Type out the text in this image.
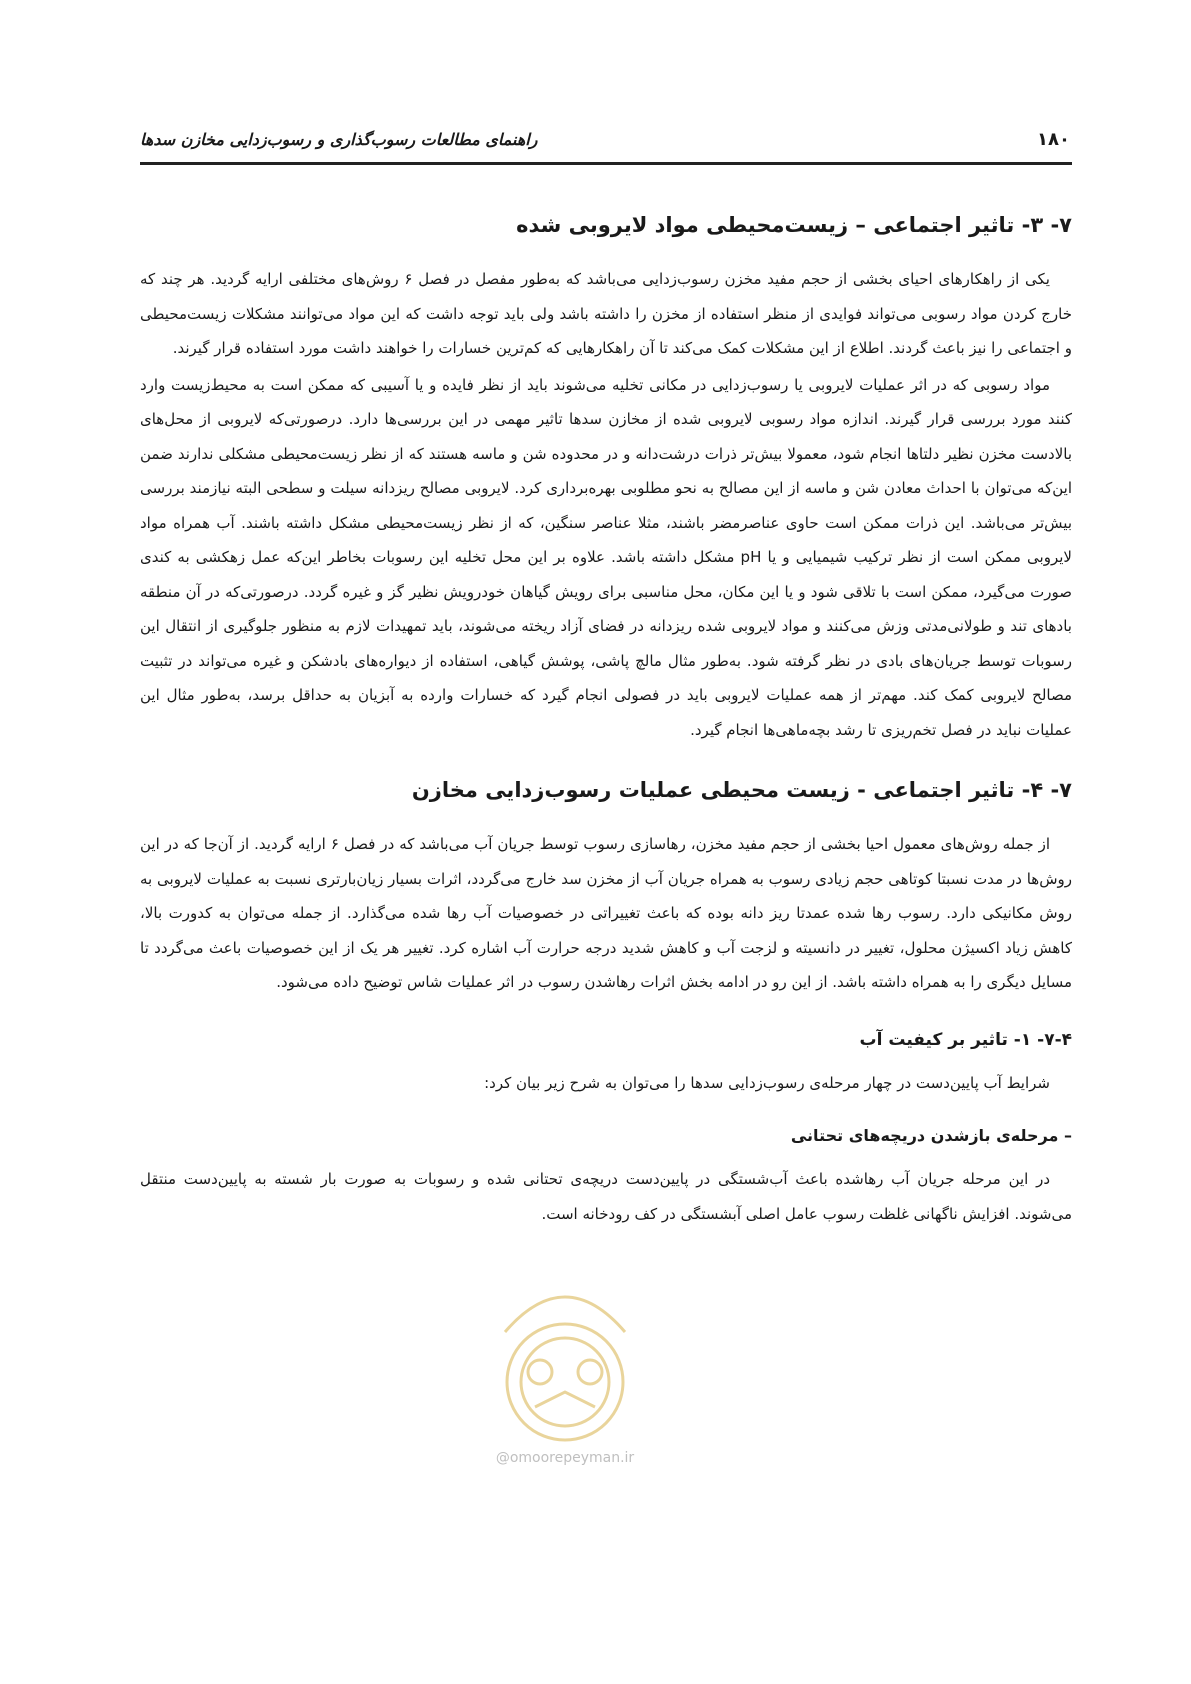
راهنمای مطالعات رسوب‌گذاری و رسوب‌زدایی مخازن سدها	۱۸۰
۷- ۳- تاثیر اجتماعی – زیست‌محیطی مواد لایروبی شده

یکی از راهکارهای احیای بخشی از حجم مفید مخزن رسوب‌زدایی می‌باشد که به‌طور مفصل در فصل ۶ روش‌های مختلفی ارایه گردید. هر چند که خارج کردن مواد رسوبی می‌تواند فوایدی از منظر استفاده از مخزن را داشته باشد ولی باید توجه داشت که این مواد می‌توانند مشکلات زیست‌محیطی و اجتماعی را نیز باعث گردند. اطلاع از این مشکلات کمک می‌کند تا آن راهکارهایی که کم‌ترین خسارات را خواهند داشت مورد استفاده قرار گیرند.

مواد رسوبی که در اثر عملیات لایروبی یا رسوب‌زدایی در مکانی تخلیه می‌شوند باید از نظر فایده و یا آسیبی که ممکن است به محیط‌زیست وارد کنند مورد بررسی قرار گیرند. اندازه مواد رسوبی لایروبی شده از مخازن سدها تاثیر مهمی در این بررسی‌ها دارد. درصورتی‌که لایروبی از محل‌های بالادست مخزن نظیر دلتاها انجام شود، معمولا بیش‌تر ذرات درشت‌دانه و در محدوده شن و ماسه هستند که از نظر زیست‌محیطی مشکلی ندارند ضمن این‌که می‌توان با احداث معادن شن و ماسه از این مصالح به نحو مطلوبی بهره‌برداری کرد. لایروبی مصالح ریزدانه سیلت و سطحی البته نیازمند بررسی بیش‌تر می‌باشد. این ذرات ممکن است حاوی عناصرمضر باشند، مثلا عناصر سنگین، که از نظر زیست‌محیطی مشکل داشته باشند. آب همراه مواد لایروبی ممکن است از نظر ترکیب شیمیایی و یا pH مشکل داشته باشد. علاوه بر این محل تخلیه این رسوبات بخاطر این‌که عمل زهکشی به کندی صورت می‌گیرد، ممکن است با تلاقی شود و یا این مکان، محل مناسبی برای رویش گیاهان خودرویش نظیر گز و غیره گردد. درصورتی‌که در آن منطقه بادهای تند و طولانی‌مدتی وزش می‌کنند و مواد لایروبی شده ریزدانه در فضای آزاد ریخته می‌شوند، باید تمهیدات لازم به منظور جلوگیری از انتقال این رسوبات توسط جریان‌های بادی در نظر گرفته شود. به‌طور مثال مالچ پاشی، پوشش گیاهی، استفاده از دیواره‌های بادشکن و غیره می‌تواند در تثبیت مصالح لایروبی کمک کند. مهم‌تر از همه عملیات لایروبی باید در فصولی انجام گیرد که خسارات وارده به آبزیان به حداقل برسد، به‌طور مثال این عملیات نباید در فصل تخم‌ریزی تا رشد بچه‌ماهی‌ها انجام گیرد.

۷- ۴- تاثیر اجتماعی - زیست محیطی عملیات رسوب‌زدایی مخازن

از جمله روش‌های معمول احیا بخشی از حجم مفید مخزن، رهاسازی رسوب توسط جریان آب می‌باشد که در فصل ۶ ارایه گردید. از آن‌جا که در این روش‌ها در مدت نسبتا کوتاهی حجم زیادی رسوب به همراه جریان آب از مخزن سد خارج می‌گردد، اثرات بسیار زیان‌بارتری نسبت به عملیات لایروبی به روش مکانیکی دارد. رسوب رها شده عمدتا ریز دانه بوده که باعث تغییراتی در خصوصیات آب رها شده می‌گذارد. از جمله می‌توان به کدورت بالا، کاهش زیاد اکسیژن محلول، تغییر در دانسیته و لزجت آب و کاهش شدید درجه حرارت آب اشاره کرد. تغییر هر یک از این خصوصیات باعث می‌گردد تا مسایل دیگری را به همراه داشته باشد. از این رو در ادامه بخش اثرات رهاشدن رسوب در اثر عملیات شاس توضیح داده می‌شود.

۷-۴- ۱- تاثیر بر کیفیت آب

شرایط آب پایین‌دست در چهار مرحله‌ی رسوب‌زدایی سدها را می‌توان به شرح زیر بیان کرد:

– مرحله‌ی بازشدن دریچه‌های تحتانی

در این مرحله جریان آب رهاشده باعث آب‌شستگی در پایین‌دست دریچه‌ی تحتانی شده و رسوبات به صورت بار شسته به پایین‌دست منتقل می‌شوند. افزایش ناگهانی غلظت رسوب عامل اصلی آبشستگی در کف رودخانه است.

@omoorepeyman.ir
